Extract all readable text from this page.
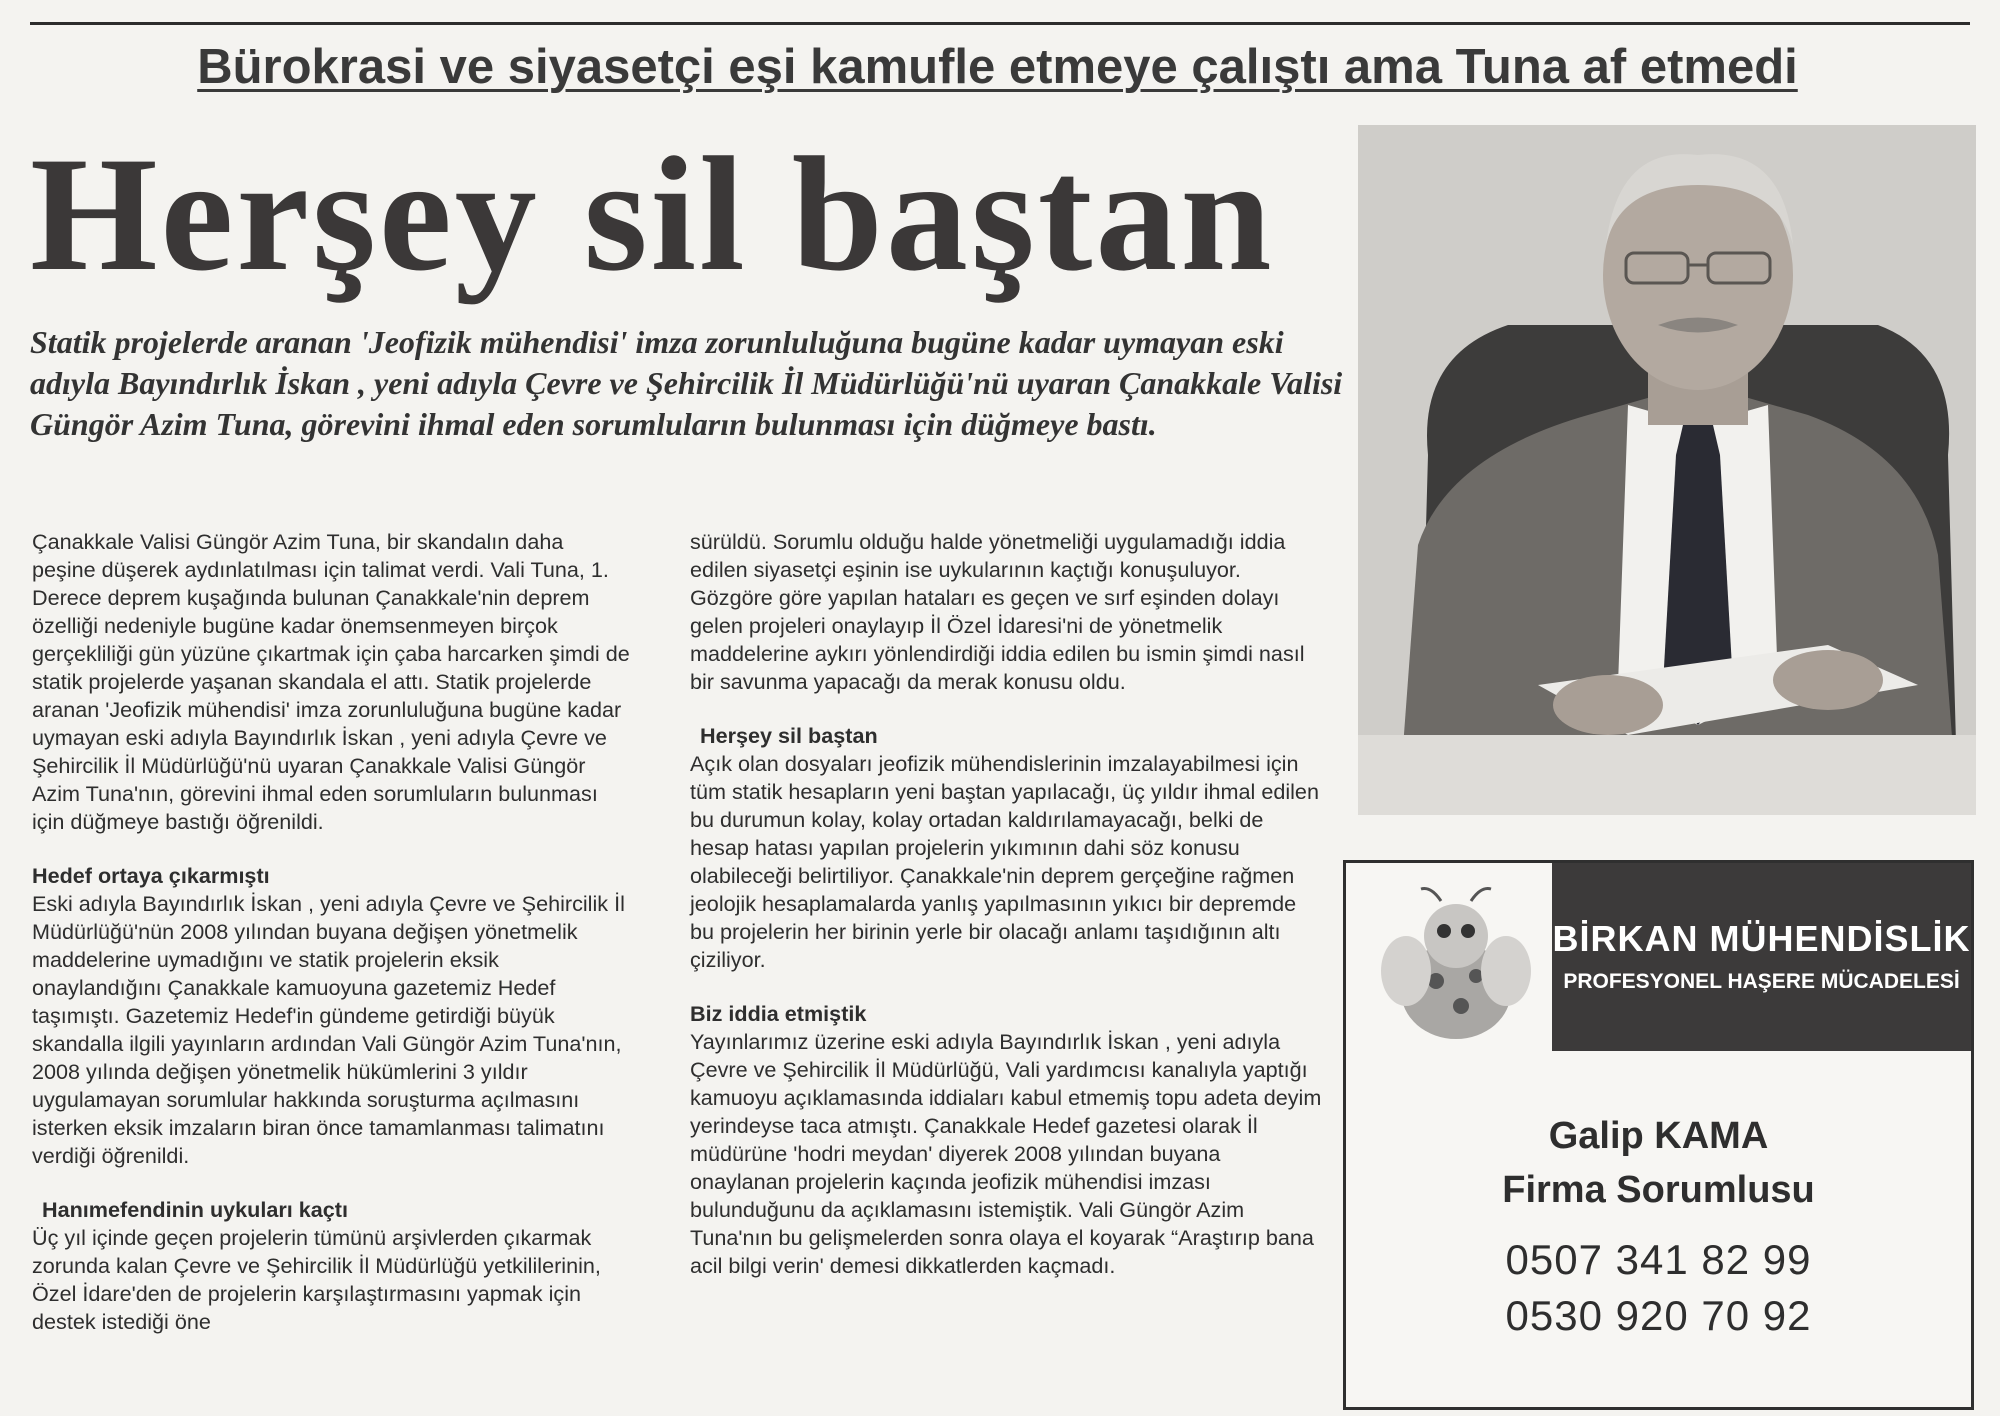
Bürokrasi ve siyasetçi eşi kamufle etmeye çalıştı ama Tuna af etmedi
Herşey sil baştan
Statik projelerde aranan 'Jeofizik mühendisi' imza zorunluluğuna bugüne kadar uymayan eski adıyla Bayındırlık İskan , yeni adıyla Çevre ve Şehircilik İl Müdürlüğü'nü uyaran Çanakkale Valisi Güngör Azim Tuna, görevini ihmal eden sorumluların bulunması için düğmeye bastı.

Çanakkale Valisi Güngör Azim Tuna, bir skandalın daha peşine düşerek aydınlatılması için talimat verdi. Vali Tuna, 1. Derece deprem kuşağında bulunan Çanakkale'nin deprem özelliği nedeniyle bugüne kadar önemsenmeyen birçok gerçekliliği gün yüzüne çıkartmak için çaba harcarken şimdi de statik projelerde yaşanan skandala el attı. Statik projelerde aranan 'Jeofizik mühendisi' imza zorunluluğuna bugüne kadar uymayan eski adıyla Bayındırlık İskan , yeni adıyla Çevre ve Şehircilik İl Müdürlüğü'nü uyaran Çanakkale Valisi Güngör Azim Tuna'nın, görevini ihmal eden sorumluların bulunması için düğmeye bastığı öğrenildi.

Hedef ortaya çıkarmıştı

Eski adıyla Bayındırlık İskan , yeni adıyla Çevre ve Şehircilik İl Müdürlüğü'nün 2008 yılından buyana değişen yönetmelik maddelerine uymadığını ve statik projelerin eksik onaylandığını Çanakkale kamuoyuna gazetemiz Hedef taşımıştı. Gazetemiz Hedef'in gündeme getirdiği büyük skandalla ilgili yayınların ardından Vali Güngör Azim Tuna'nın, 2008 yılında değişen yönetmelik hükümlerini 3 yıldır uygulamayan sorumlular hakkında soruşturma açılmasını isterken eksik imzaların biran önce tamamlanması talimatını verdiği öğrenildi.

Hanımefendinin uykuları kaçtı

Üç yıl içinde geçen projelerin tümünü arşivlerden çıkarmak zorunda kalan Çevre ve Şehircilik İl Müdürlüğü yetkililerinin, Özel İdare'den de projelerin karşılaştırmasını yapmak için destek istediği öne

sürüldü. Sorumlu olduğu halde yönetmeliği uygulamadığı iddia edilen siyasetçi eşinin ise uykularının kaçtığı konuşuluyor. Gözgöre göre yapılan hataları es geçen ve sırf eşinden dolayı gelen projeleri onaylayıp İl Özel İdaresi'ni de yönetmelik maddelerine aykırı yönlendirdiği iddia edilen bu ismin şimdi nasıl bir savunma yapacağı da merak konusu oldu.

Herşey sil baştan

Açık olan dosyaları jeofizik mühendislerinin imzalayabilmesi için tüm statik hesapların yeni baştan yapılacağı, üç yıldır ihmal edilen bu durumun kolay, kolay ortadan kaldırılamayacağı, belki de hesap hatası yapılan projelerin yıkımının dahi söz konusu olabileceği belirtiliyor. Çanakkale'nin deprem gerçeğine rağmen jeolojik hesaplamalarda yanlış yapılmasının yıkıcı bir depremde bu projelerin her birinin yerle bir olacağı anlamı taşıdığının altı çiziliyor.

Biz iddia etmiştik

Yayınlarımız üzerine eski adıyla Bayındırlık İskan , yeni adıyla Çevre ve Şehircilik İl Müdürlüğü, Vali yardımcısı kanalıyla yaptığı kamuoyu açıklamasında iddiaları kabul etmemiş topu adeta deyim yerindeyse taca atmıştı. Çanakkale Hedef gazetesi olarak İl müdürüne 'hodri meydan' diyerek 2008 yılından buyana onaylanan projelerin kaçında jeofizik mühendisi imzası bulunduğunu da açıklamasını istemiştik. Vali Güngör Azim Tuna'nın bu gelişmelerden sonra olaya el koyarak “Araştırıp bana acil bilgi verin' demesi dikkatlerden kaçmadı.

BİRKAN MÜHENDİSLİK
PROFESYONEL HAŞERE MÜCADELESİ
Galip KAMA
Firma Sorumlusu
0507 341 82 99
0530 920 70 92
